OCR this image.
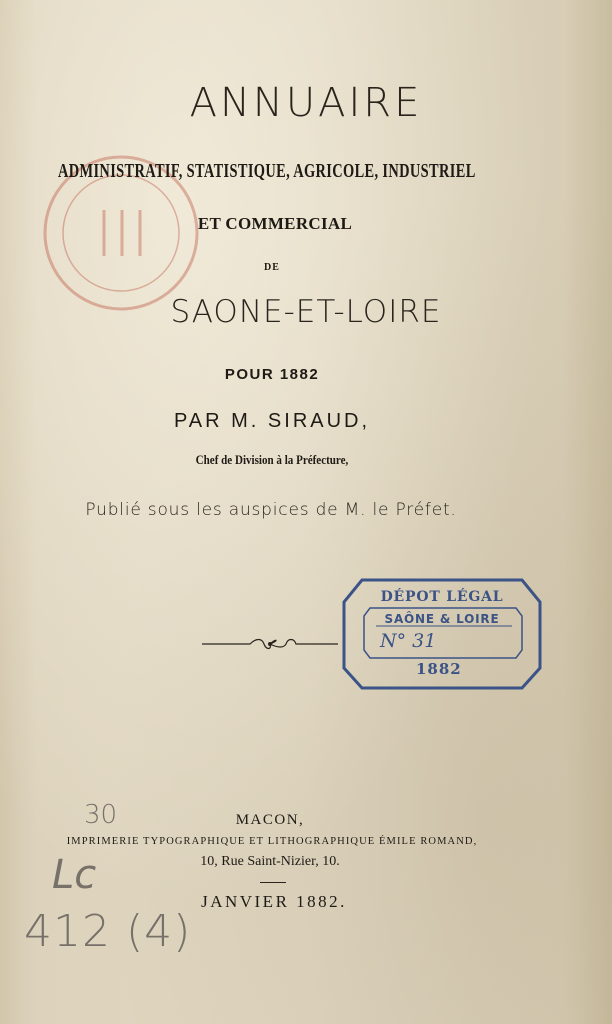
ANNUAIRE
ADMINISTRATIF, STATISTIQUE, AGRICOLE, INDUSTRIEL
ET COMMERCIAL
DE
SAONE-ET-LOIRE
POUR 1882
PAR M. SIRAUD,
Chef de Division à la Préfecture,
Publié sous les auspices de M. le Préfet.
DÉPOT LÉGAL
SAÔNE & LOIRE
N° 31
1882
30
Lc
412 (4)
MACON,
IMPRIMERIE TYPOGRAPHIQUE ET LITHOGRAPHIQUE ÉMILE ROMAND,
10, Rue Saint-Nizier, 10.
JANVIER 1882.
